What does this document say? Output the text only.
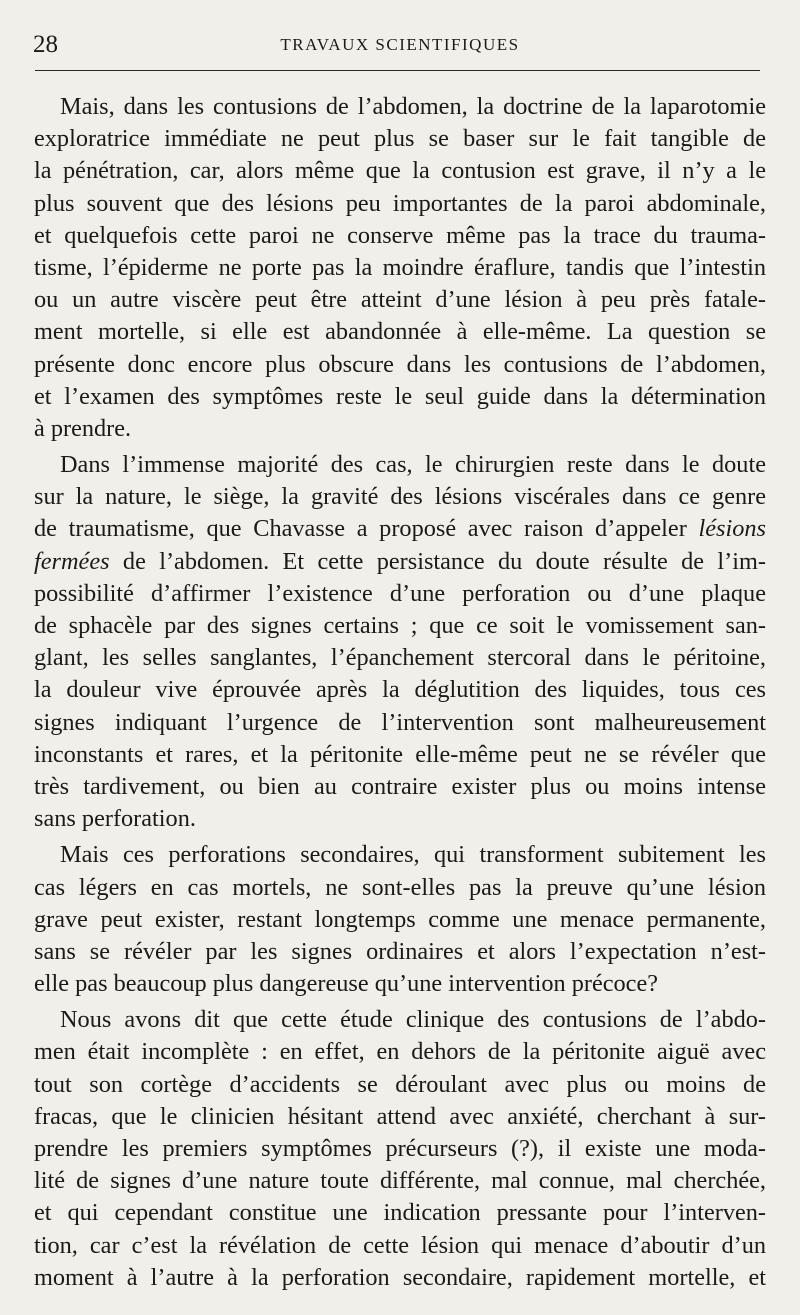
28	TRAVAUX SCIENTIFIQUES
Mais, dans les contusions de l’abdomen, la doctrine de la laparotomie
exploratrice immédiate ne peut plus se baser sur le fait tangible de
la pénétration, car, alors même que la contusion est grave, il n’y a le
plus souvent que des lésions peu importantes de la paroi abdominale,
et quelquefois cette paroi ne conserve même pas la trace du trauma-
tisme, l’épiderme ne porte pas la moindre éraflure, tandis que l’intestin
ou un autre viscère peut être atteint d’une lésion à peu près fatale-
ment mortelle, si elle est abandonnée à elle-même. La question se
présente donc encore plus obscure dans les contusions de l’abdomen,
et l’examen des symptômes reste le seul guide dans la détermination
à prendre.
Dans l’immense majorité des cas, le chirurgien reste dans le doute
sur la nature, le siège, la gravité des lésions viscérales dans ce genre
de traumatisme, que Chavasse a proposé avec raison d’appeler lésions
fermées de l’abdomen. Et cette persistance du doute résulte de l’im-
possibilité d’affirmer l’existence d’une perforation ou d’une plaque
de sphacèle par des signes certains ; que ce soit le vomissement san-
glant, les selles sanglantes, l’épanchement stercoral dans le péritoine,
la douleur vive éprouvée après la déglutition des liquides, tous ces
signes indiquant l’urgence de l’intervention sont malheureusement
inconstants et rares, et la péritonite elle-même peut ne se révéler que
très tardivement, ou bien au contraire exister plus ou moins intense
sans perforation.
Mais ces perforations secondaires, qui transforment subitement les
cas légers en cas mortels, ne sont-elles pas la preuve qu’une lésion
grave peut exister, restant longtemps comme une menace permanente,
sans se révéler par les signes ordinaires et alors l’expectation n’est-
elle pas beaucoup plus dangereuse qu’une intervention précoce?
Nous avons dit que cette étude clinique des contusions de l’abdo-
men était incomplète : en effet, en dehors de la péritonite aiguë avec
tout son cortège d’accidents se déroulant avec plus ou moins de
fracas, que le clinicien hésitant attend avec anxiété, cherchant à sur-
prendre les premiers symptômes précurseurs (?), il existe une moda-
lité de signes d’une nature toute différente, mal connue, mal cherchée,
et qui cependant constitue une indication pressante pour l’interven-
tion, car c’est la révélation de cette lésion qui menace d’aboutir d’un
moment à l’autre à la perforation secondaire, rapidement mortelle, et
